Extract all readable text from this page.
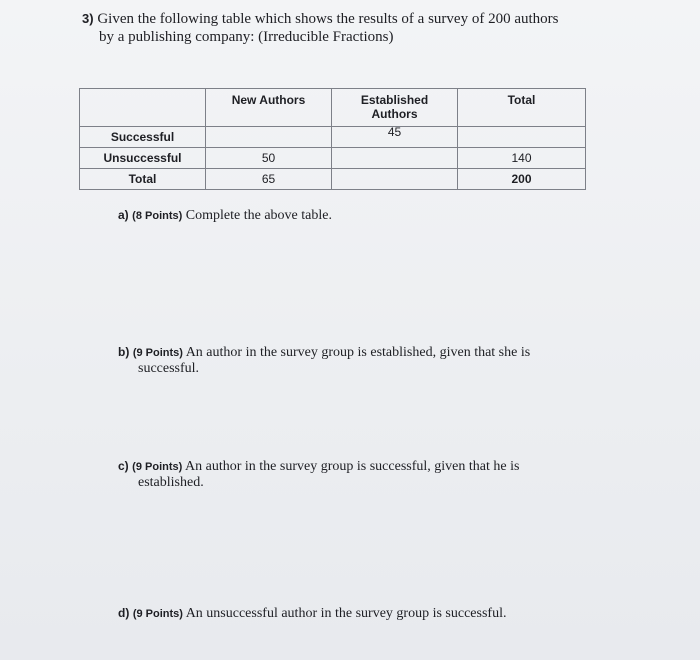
3) Given the following table which shows the results of a survey of 200 authors
by a publishing company: (Irreducible Fractions)

	New Authors	Established Authors	Total

Successful		45	

Unsuccessful	50		140

Total	65		200
a) (8 Points) Complete the above table.
b) (9 Points) An author in the survey group is established, given that she is
successful.
c) (9 Points) An author in the survey group is successful, given that he is
established.
d) (9 Points) An unsuccessful author in the survey group is successful.
